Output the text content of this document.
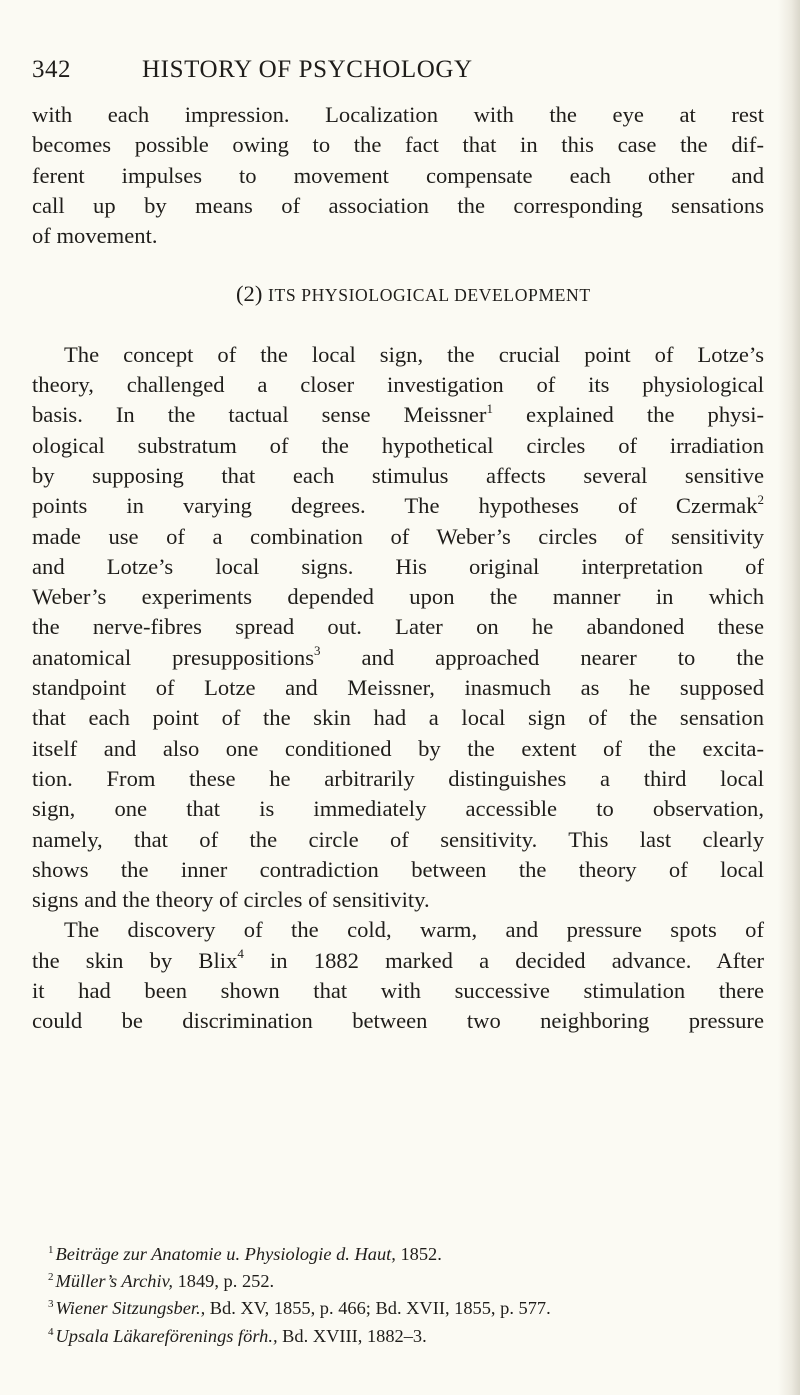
342	HISTORY OF PSYCHOLOGY
with each impression. Localization with the eye at rest
becomes possible owing to the fact that in this case the dif-
ferent impulses to movement compensate each other and
call up by means of association the corresponding sensations
of movement.
(2) ITS PHYSIOLOGICAL DEVELOPMENT
The concept of the local sign, the crucial point of Lotze’s
theory, challenged a closer investigation of its physiological
basis. In the tactual sense Meissner$^1$ explained the physi-
ological substratum of the hypothetical circles of irradiation
by supposing that each stimulus affects several sensitive
points in varying degrees. The hypotheses of Czermak$^2$
made use of a combination of Weber’s circles of sensitivity
and Lotze’s local signs. His original interpretation of
Weber’s experiments depended upon the manner in which
the nerve-fibres spread out. Later on he abandoned these
anatomical presuppositions$^3$ and approached nearer to the
standpoint of Lotze and Meissner, inasmuch as he supposed
that each point of the skin had a local sign of the sensation
itself and also one conditioned by the extent of the excita-
tion. From these he arbitrarily distinguishes a third local
sign, one that is immediately accessible to observation,
namely, that of the circle of sensitivity. This last clearly
shows the inner contradiction between the theory of local
signs and the theory of circles of sensitivity.
The discovery of the cold, warm, and pressure spots of
the skin by Blix$^4$ in 1882 marked a decided advance. After
it had been shown that with successive stimulation there
could be discrimination between two neighboring pressure
$^1$ Beiträge zur Anatomie u. Physiologie d. Haut, 1852.
$^2$ Müller’s Archiv, 1849, p. 252.
$^3$ Wiener Sitzungsber., Bd. XV, 1855, p. 466; Bd. XVII, 1855, p. 577.
$^4$ Upsala Läkareförenings förh., Bd. XVIII, 1882–3.
